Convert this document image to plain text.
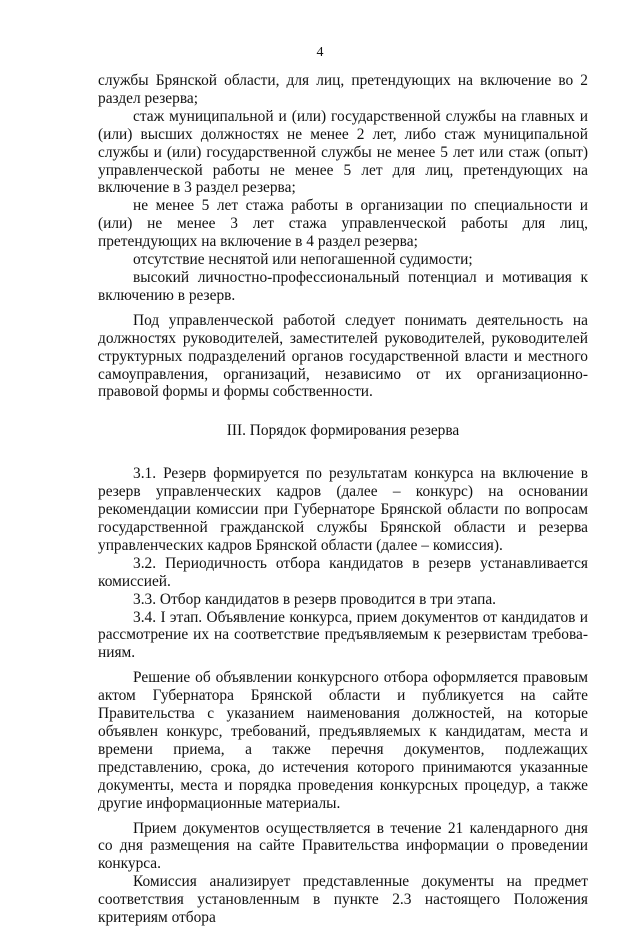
4

службы Брянской области, для лиц, претендующих на включение во 2 раздел резерва;

стаж муниципальной и (или) государственной службы на главных и (или) высших должностях не менее 2 лет, либо стаж муниципальной службы и (или) государственной службы не менее 5 лет или стаж (опыт) управленческой работы не менее 5 лет для лиц, претендующих на включение в 3 раздел резерва;

не менее 5 лет стажа работы в организации по специальности и (или) не менее 3 лет стажа управленческой работы для лиц, претендующих на включение в 4 раздел резерва;

отсутствие неснятой или непогашенной судимости;

высокий личностно-профессиональный потенциал и мотивация к включению в резерв.

Под управленческой работой следует понимать деятельность на должностях руководителей, заместителей руководителей, руководителей структурных подразделений органов государственной власти и местного самоуправления, организаций, независимо от их организационно-правовой формы и формы собственности.

III. Порядок формирования резерва

3.1. Резерв формируется по результатам конкурса на включение в резерв управленческих кадров (далее – конкурс) на основании рекомендации комиссии при Губернаторе Брянской области по вопросам государственной гражданской службы Брянской области и резерва управленческих кадров Брянской области (далее – комиссия).

3.2. Периодичность отбора кандидатов в резерв устанавливается комиссией.

3.3. Отбор кандидатов в резерв проводится в три этапа.

3.4. I этап. Объявление конкурса, прием документов от кандидатов и рассмотрение их на соответствие предъявляемым к резервистам требованиям.

Решение об объявлении конкурсного отбора оформляется правовым актом Губернатора Брянской области и публикуется на сайте Правительства с указанием наименования должностей, на которые объявлен конкурс, требований, предъявляемых к кандидатам, места и времени приема, а также перечня документов, подлежащих представлению, срока, до истечения которого принимаются указанные документы, места и порядка проведения конкурсных процедур, а также другие информационные материалы.

Прием документов осуществляется в течение 21 календарного дня со дня размещения на сайте Правительства информации о проведении конкурса.

Комиссия анализирует представленные документы на предмет соответствия установленным в пункте 2.3 настоящего Положения критериям отбора
